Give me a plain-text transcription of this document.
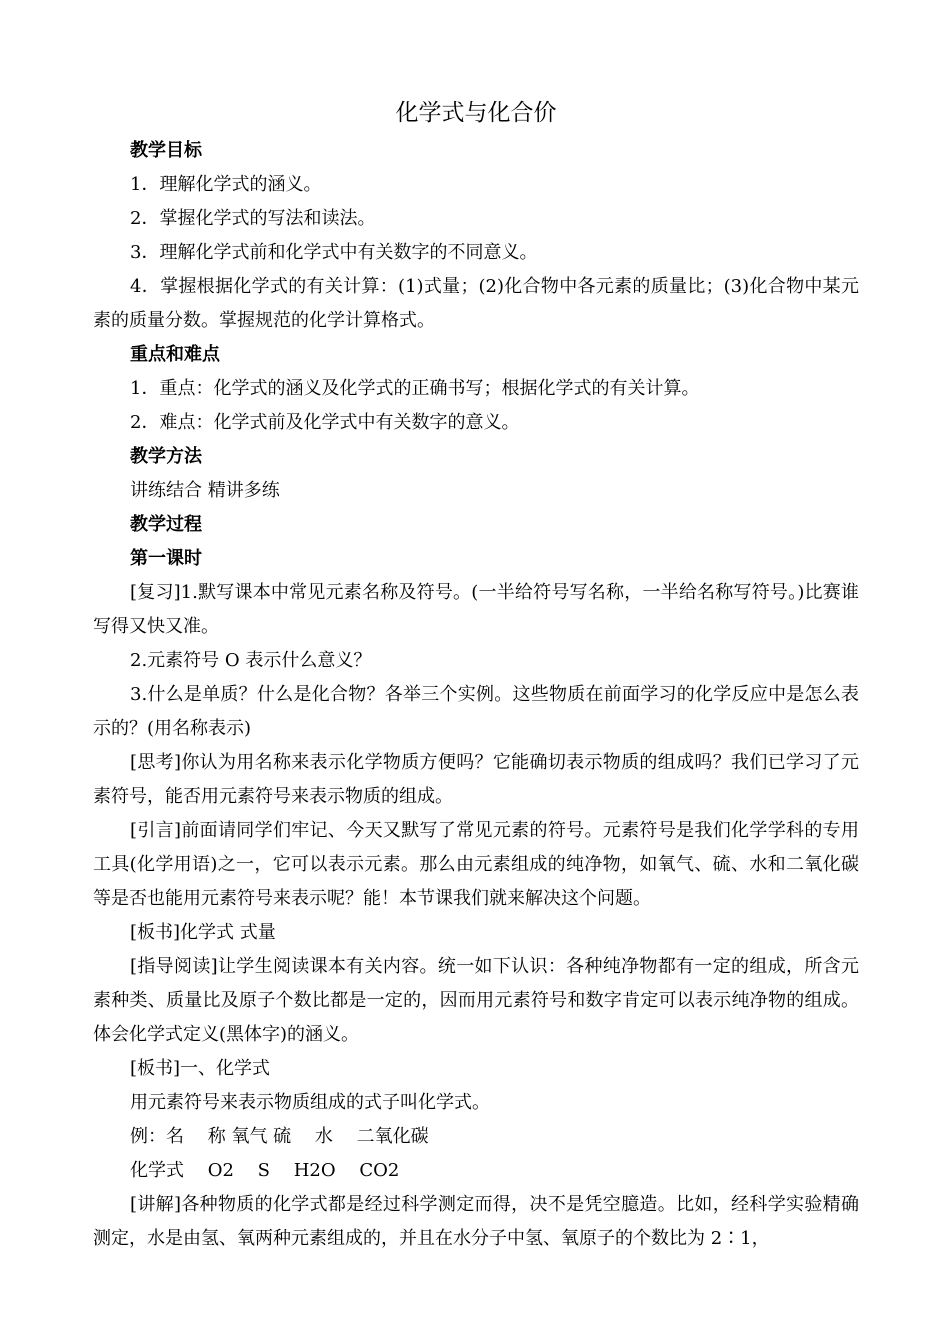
化学式与化合价

教学目标

1．理解化学式的涵义。

2．掌握化学式的写法和读法。

3．理解化学式前和化学式中有关数字的不同意义。

4．掌握根据化学式的有关计算：(1)式量；(2)化合物中各元素的质量比；(3)化合物中某元素的质量分数。掌握规范的化学计算格式。

重点和难点

1．重点：化学式的涵义及化学式的正确书写；根据化学式的有关计算。

2．难点：化学式前及化学式中有关数字的意义。

教学方法

讲练结合 精讲多练

教学过程

第一课时

[复习]1.默写课本中常见元素名称及符号。(一半给符号写名称，一半给名称写符号。)比赛谁写得又快又准。

2.元素符号 O 表示什么意义？

3.什么是单质？什么是化合物？各举三个实例。这些物质在前面学习的化学反应中是怎么表示的？(用名称表示)

[思考]你认为用名称来表示化学物质方便吗？它能确切表示物质的组成吗？我们已学习了元素符号，能否用元素符号来表示物质的组成。

[引言]前面请同学们牢记、今天又默写了常见元素的符号。元素符号是我们化学学科的专用工具(化学用语)之一，它可以表示元素。那么由元素组成的纯净物，如氧气、硫、水和二氧化碳等是否也能用元素符号来表示呢？能！本节课我们就来解决这个问题。

[板书]化学式 式量

[指导阅读]让学生阅读课本有关内容。统一如下认识：各种纯净物都有一定的组成，所含元素种类、质量比及原子个数比都是一定的，因而用元素符号和数字肯定可以表示纯净物的组成。体会化学式定义(黑体字)的涵义。

[板书]一、化学式

用元素符号来表示物质组成的式子叫化学式。

例：名　 称 氧气 硫　 水　 二氧化碳

化学式　 O2　 S　 H2O　 CO2

[讲解]各种物质的化学式都是经过科学测定而得，决不是凭空臆造。比如，经科学实验精确测定，水是由氢、氧两种元素组成的，并且在水分子中氢、氧原子的个数比为 2∶1，
